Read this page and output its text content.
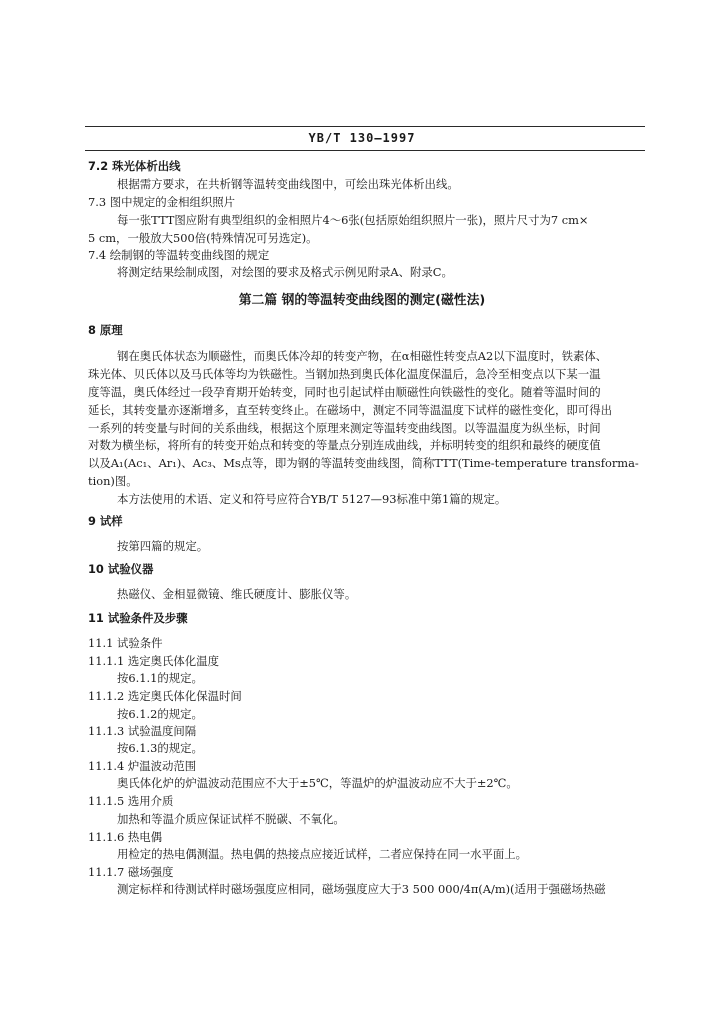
YB/T 130—1997
7.2 珠光体析出线
根据需方要求，在共析钢等温转变曲线图中，可绘出珠光体析出线。
7.3 图中规定的金相组织照片
每一张TTT图应附有典型组织的金相照片4～6张(包括原始组织照片一张)，照片尺寸为7 cm×
5 cm，一般放大500倍(特殊情况可另选定)。
7.4 绘制钢的等温转变曲线图的规定
将测定结果绘制成图，对绘图的要求及格式示例见附录A、附录C。
第二篇 钢的等温转变曲线图的测定(磁性法)
8 原理
钢在奥氏体状态为顺磁性，而奥氏体冷却的转变产物，在α相磁性转变点A2以下温度时，铁素体、
珠光体、贝氏体以及马氏体等均为铁磁性。当钢加热到奥氏体化温度保温后，急冷至相变点以下某一温
度等温，奥氏体经过一段孕育期开始转变，同时也引起试样由顺磁性向铁磁性的变化。随着等温时间的
延长，其转变量亦逐渐增多，直至转变终止。在磁场中，测定不同等温温度下试样的磁性变化，即可得出
一系列的转变量与时间的关系曲线，根据这个原理来测定等温转变曲线图。以等温温度为纵坐标，时间
对数为横坐标，将所有的转变开始点和转变的等量点分别连成曲线，并标明转变的组织和最终的硬度值
以及A₁(Ac₁、Ar₁)、Ac₃、Ms点等，即为钢的等温转变曲线图，简称TTT(Time-temperature transforma-
tion)图。
本方法使用的术语、定义和符号应符合YB/T 5127—93标准中第1篇的规定。
9 试样
按第四篇的规定。
10 试验仪器
热磁仪、金相显微镜、维氏硬度计、膨胀仪等。
11 试验条件及步骤
11.1 试验条件
11.1.1 选定奥氏体化温度
按6.1.1的规定。
11.1.2 选定奥氏体化保温时间
按6.1.2的规定。
11.1.3 试验温度间隔
按6.1.3的规定。
11.1.4 炉温波动范围
奥氏体化炉的炉温波动范围应不大于±5℃，等温炉的炉温波动应不大于±2℃。
11.1.5 选用介质
加热和等温介质应保证试样不脱碳、不氧化。
11.1.6 热电偶
用检定的热电偶测温。热电偶的热接点应接近试样，二者应保持在同一水平面上。
11.1.7 磁场强度
测定标样和待测试样时磁场强度应相同，磁场强度应大于3 500 000/4π(A/m)(适用于强磁场热磁
